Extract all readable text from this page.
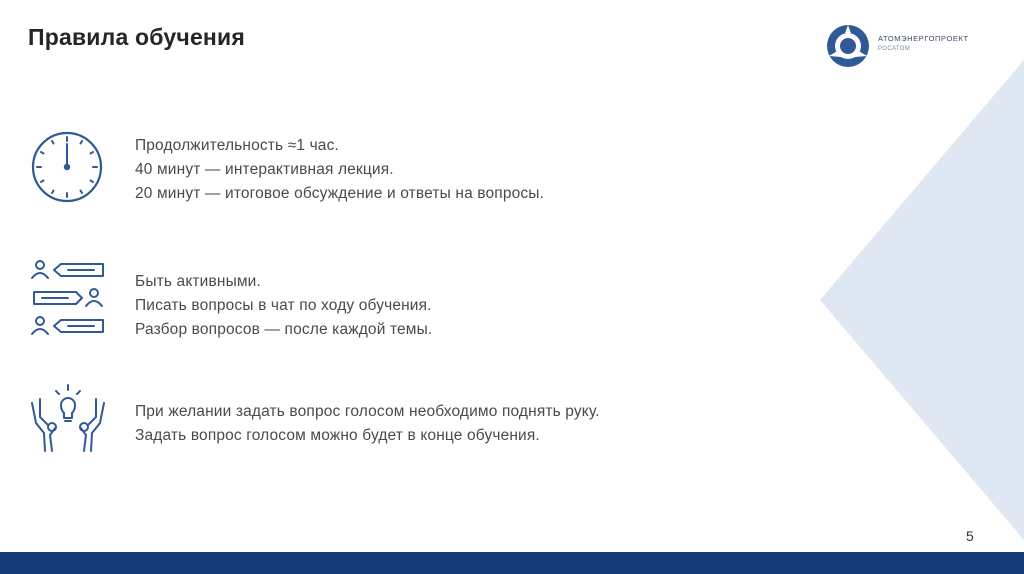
Правила обучения	АТОМЭНЕРГОПРОЕКТ
РОСАТОМ
Продолжительность ≈1 час.
40 минут — интерактивная лекция.
20 минут — итоговое обсуждение и ответы на вопросы.
Быть активными.
Писать вопросы в чат по ходу обучения.
Разбор вопросов — после каждой темы.
При желании задать вопрос голосом необходимо поднять руку.
Задать вопрос голосом можно будет в конце обучения.
5
